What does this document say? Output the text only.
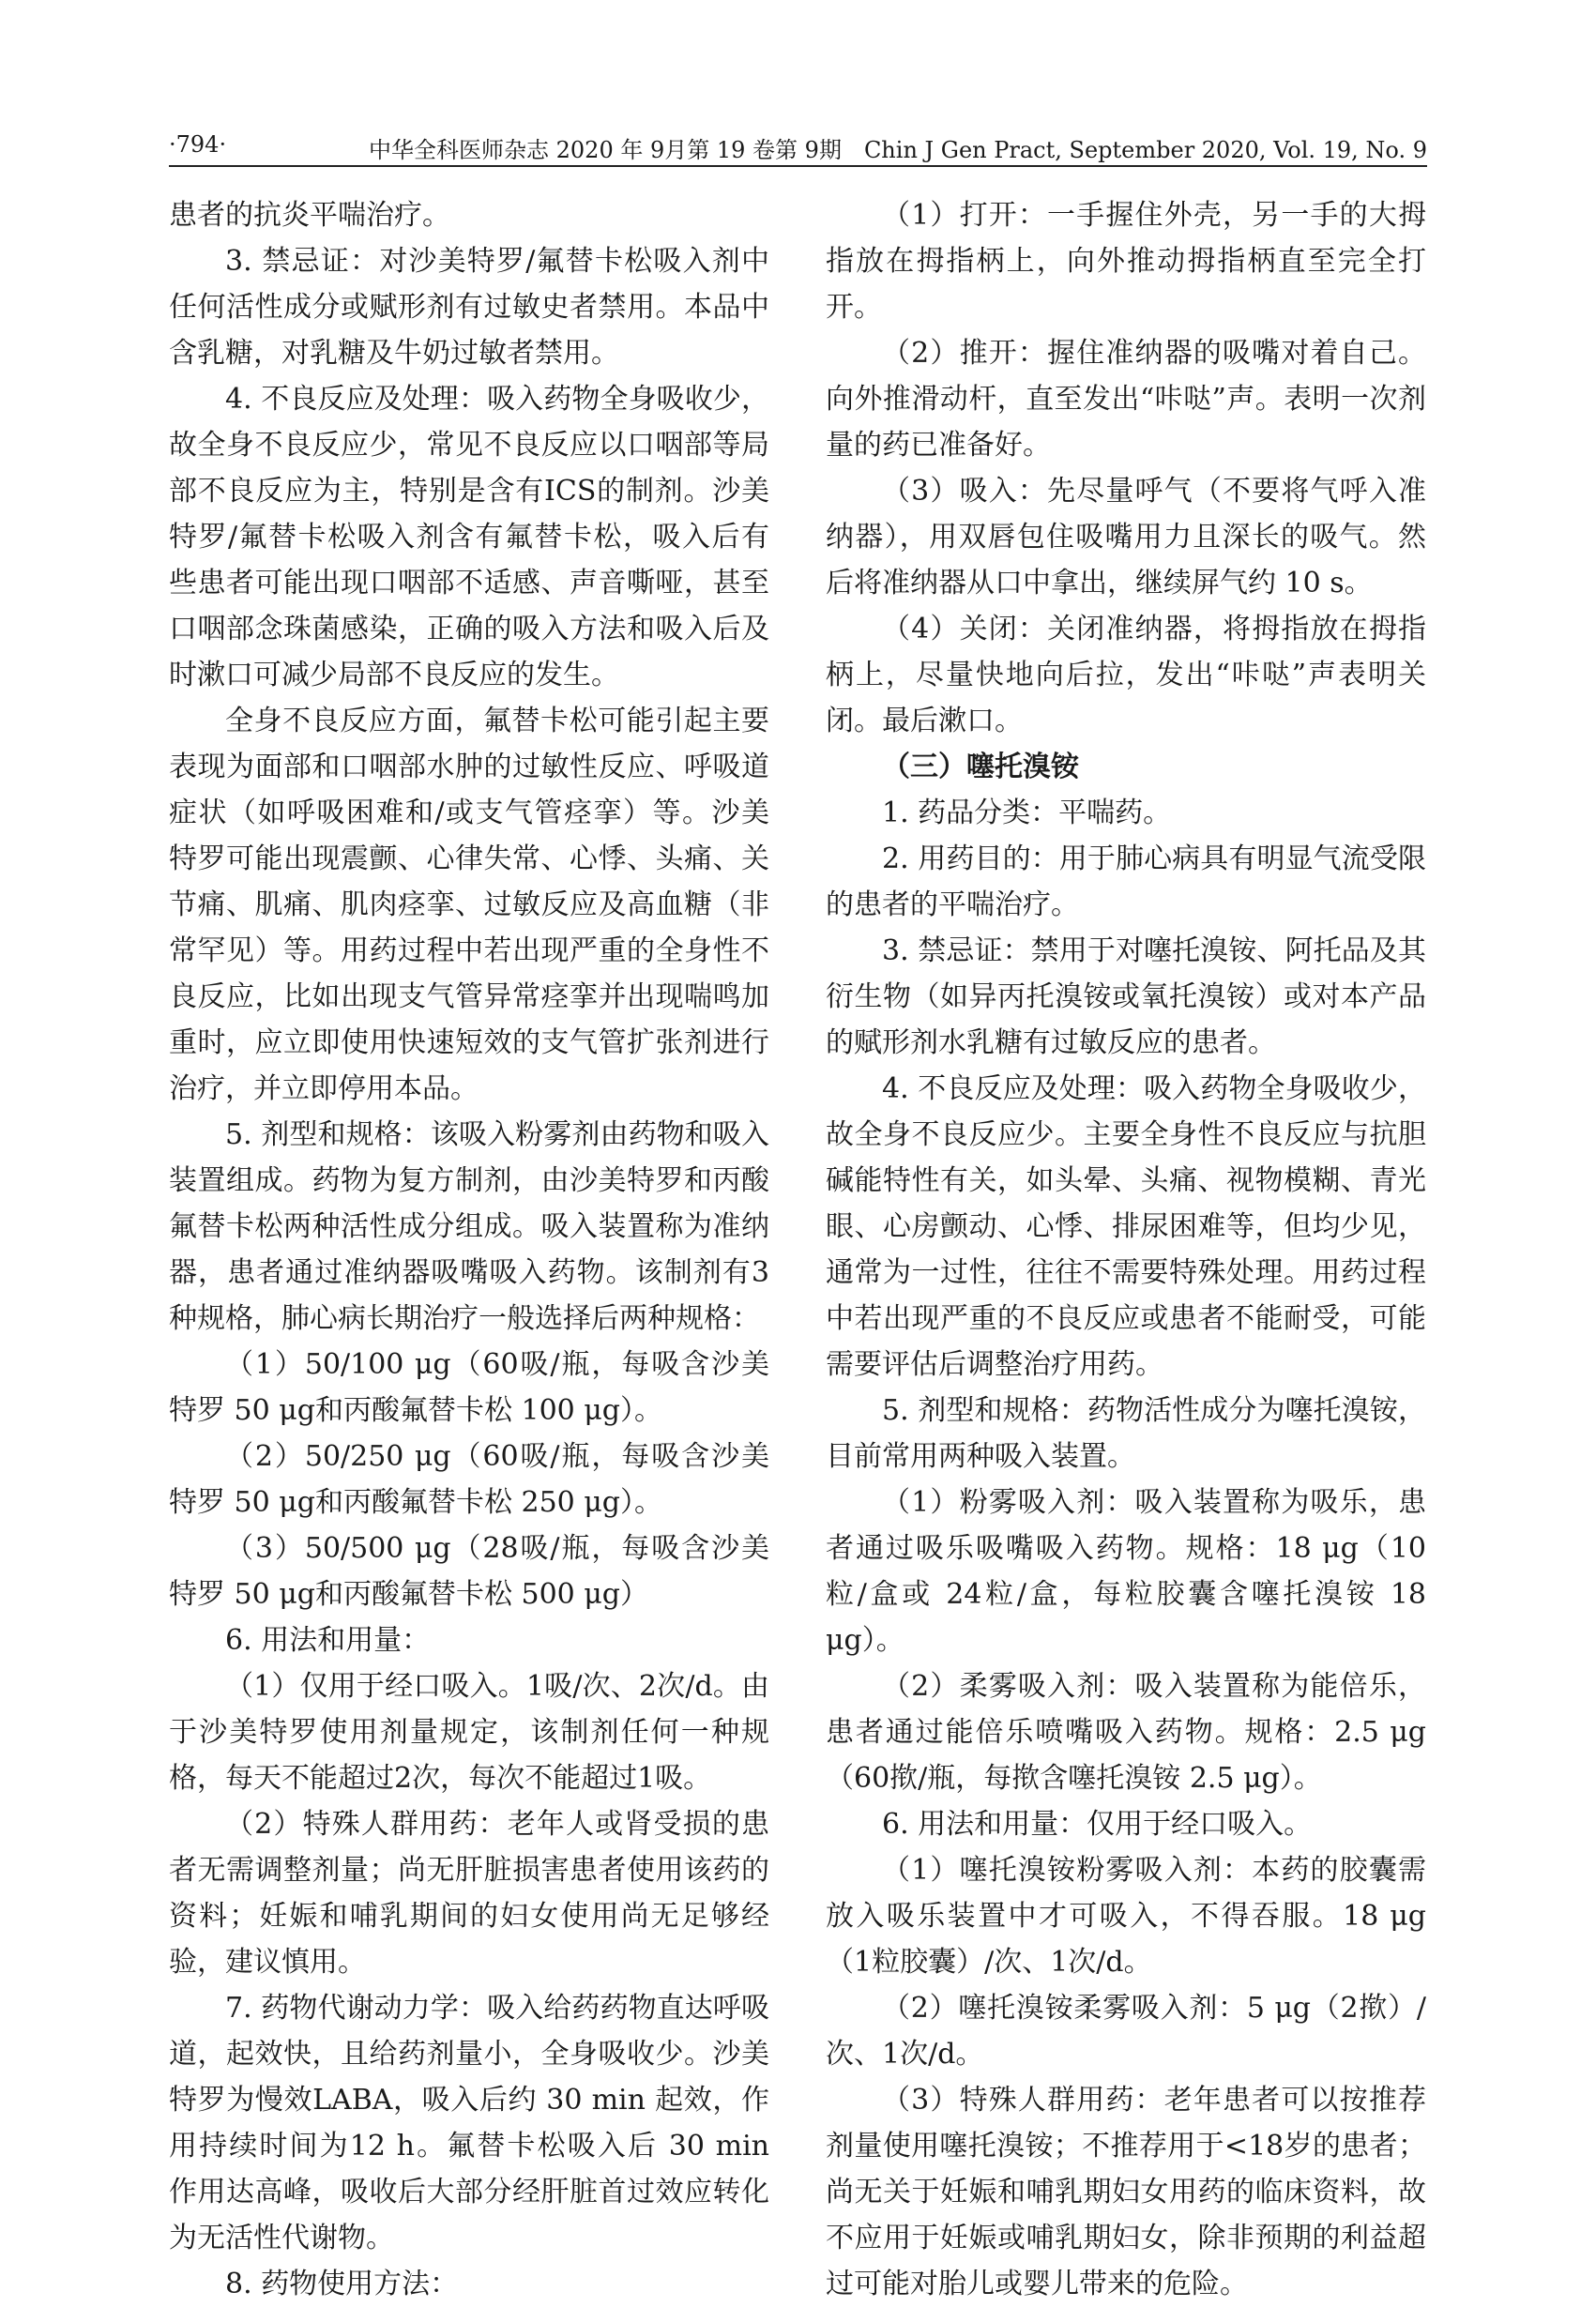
·794·	中华全科医师杂志 2020 年 9月第 19 卷第 9期　Chin J Gen Pract, September 2020, Vol. 19, No. 9

患者的抗炎平喘治疗。

3. 禁忌证：对沙美特罗/氟替卡松吸入剂中任何活性成分或赋形剂有过敏史者禁用。本品中含乳糖，对乳糖及牛奶过敏者禁用。

4. 不良反应及处理：吸入药物全身吸收少，故全身不良反应少，常见不良反应以口咽部等局部不良反应为主，特别是含有ICS的制剂。沙美特罗/氟替卡松吸入剂含有氟替卡松，吸入后有些患者可能出现口咽部不适感、声音嘶哑，甚至口咽部念珠菌感染，正确的吸入方法和吸入后及时漱口可减少局部不良反应的发生。

全身不良反应方面，氟替卡松可能引起主要表现为面部和口咽部水肿的过敏性反应、呼吸道症状（如呼吸困难和/或支气管痉挛）等。沙美特罗可能出现震颤、心律失常、心悸、头痛、关节痛、肌痛、肌肉痉挛、过敏反应及高血糖（非常罕见）等。用药过程中若出现严重的全身性不良反应，比如出现支气管异常痉挛并出现喘鸣加重时，应立即使用快速短效的支气管扩张剂进行治疗，并立即停用本品。

5. 剂型和规格：该吸入粉雾剂由药物和吸入装置组成。药物为复方制剂，由沙美特罗和丙酸氟替卡松两种活性成分组成。吸入装置称为准纳器，患者通过准纳器吸嘴吸入药物。该制剂有3种规格，肺心病长期治疗一般选择后两种规格：

（1）50/100 μg（60吸/瓶，每吸含沙美特罗 50 μg和丙酸氟替卡松 100 μg）。

（2）50/250 μg（60吸/瓶，每吸含沙美特罗 50 μg和丙酸氟替卡松 250 μg）。

（3）50/500 μg（28吸/瓶，每吸含沙美特罗 50 μg和丙酸氟替卡松 500 μg）

6. 用法和用量：

（1）仅用于经口吸入。1吸/次、2次/d。由于沙美特罗使用剂量规定，该制剂任何一种规格，每天不能超过2次，每次不能超过1吸。

（2）特殊人群用药：老年人或肾受损的患者无需调整剂量；尚无肝脏损害患者使用该药的资料；妊娠和哺乳期间的妇女使用尚无足够经验，建议慎用。

7. 药物代谢动力学：吸入给药药物直达呼吸道，起效快，且给药剂量小，全身吸收少。沙美特罗为慢效LABA，吸入后约 30 min 起效，作用持续时间为12 h。氟替卡松吸入后 30 min 作用达高峰，吸收后大部分经肝脏首过效应转化为无活性代谢物。

8. 药物使用方法：

（1）打开：一手握住外壳，另一手的大拇指放在拇指柄上，向外推动拇指柄直至完全打开。

（2）推开：握住准纳器的吸嘴对着自己。向外推滑动杆，直至发出“咔哒”声。表明一次剂量的药已准备好。

（3）吸入：先尽量呼气（不要将气呼入准纳器），用双唇包住吸嘴用力且深长的吸气。然后将准纳器从口中拿出，继续屏气约 10 s。

（4）关闭：关闭准纳器，将拇指放在拇指柄上，尽量快地向后拉，发出“咔哒”声表明关闭。最后漱口。

（三）噻托溴铵

1. 药品分类：平喘药。

2. 用药目的：用于肺心病具有明显气流受限的患者的平喘治疗。

3. 禁忌证：禁用于对噻托溴铵、阿托品及其衍生物（如异丙托溴铵或氧托溴铵）或对本产品的赋形剂水乳糖有过敏反应的患者。

4. 不良反应及处理：吸入药物全身吸收少，故全身不良反应少。主要全身性不良反应与抗胆碱能特性有关，如头晕、头痛、视物模糊、青光眼、心房颤动、心悸、排尿困难等，但均少见，通常为一过性，往往不需要特殊处理。用药过程中若出现严重的不良反应或患者不能耐受，可能需要评估后调整治疗用药。

5. 剂型和规格：药物活性成分为噻托溴铵，目前常用两种吸入装置。

（1）粉雾吸入剂：吸入装置称为吸乐，患者通过吸乐吸嘴吸入药物。规格：18 μg（10粒/盒或 24粒/盒，每粒胶囊含噻托溴铵 18 μg）。

（2）柔雾吸入剂：吸入装置称为能倍乐，患者通过能倍乐喷嘴吸入药物。规格：2.5 μg（60揿/瓶，每揿含噻托溴铵 2.5 μg）。

6. 用法和用量：仅用于经口吸入。

（1）噻托溴铵粉雾吸入剂：本药的胶囊需放入吸乐装置中才可吸入，不得吞服。18 μg（1粒胶囊）/次、1次/d。

（2）噻托溴铵柔雾吸入剂：5 μg（2揿）/次、1次/d。

（3）特殊人群用药：老年患者可以按推荐剂量使用噻托溴铵；不推荐用于<18岁的患者；尚无关于妊娠和哺乳期妇女用药的临床资料，故不应用于妊娠或哺乳期妇女，除非预期的利益超过可能对胎儿或婴儿带来的危险。
